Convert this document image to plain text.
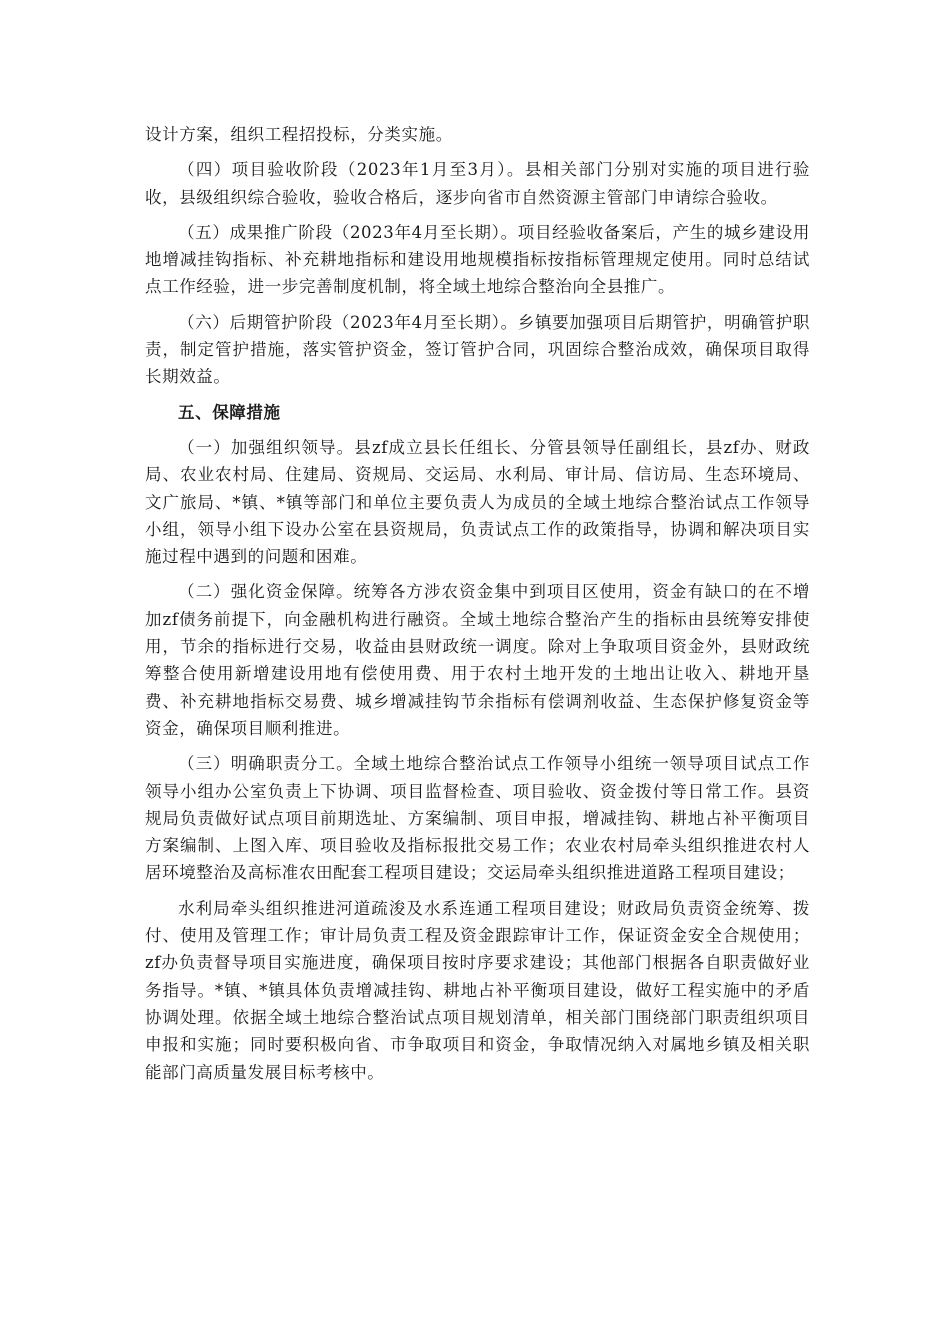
设计方案，组织工程招投标，分类实施。

（四）项目验收阶段（2023年1月至3月）。县相关部门分别对实施的项目进行验收，县级组织综合验收，验收合格后，逐步向省市自然资源主管部门申请综合验收。

（五）成果推广阶段（2023年4月至长期）。项目经验收备案后，产生的城乡建设用地增减挂钩指标、补充耕地指标和建设用地规模指标按指标管理规定使用。同时总结试点工作经验，进一步完善制度机制，将全域土地综合整治向全县推广。

（六）后期管护阶段（2023年4月至长期）。乡镇要加强项目后期管护，明确管护职责，制定管护措施，落实管护资金，签订管护合同，巩固综合整治成效，确保项目取得长期效益。

五、保障措施

（一）加强组织领导。县zf成立县长任组长、分管县领导任副组长，县zf办、财政局、农业农村局、住建局、资规局、交运局、水利局、审计局、信访局、生态环境局、文广旅局、*镇、*镇等部门和单位主要负责人为成员的全域土地综合整治试点工作领导小组，领导小组下设办公室在县资规局，负责试点工作的政策指导，协调和解决项目实施过程中遇到的问题和困难。

（二）强化资金保障。统筹各方涉农资金集中到项目区使用，资金有缺口的在不增加zf债务前提下，向金融机构进行融资。全域土地综合整治产生的指标由县统筹安排使用，节余的指标进行交易，收益由县财政统一调度。除对上争取项目资金外，县财政统筹整合使用新增建设用地有偿使用费、用于农村土地开发的土地出让收入、耕地开垦费、补充耕地指标交易费、城乡增减挂钩节余指标有偿调剂收益、生态保护修复资金等资金，确保项目顺利推进。

（三）明确职责分工。全域土地综合整治试点工作领导小组统一领导项目试点工作领导小组办公室负责上下协调、项目监督检查、项目验收、资金拨付等日常工作。县资规局负责做好试点项目前期选址、方案编制、项目申报，增减挂钩、耕地占补平衡项目方案编制、上图入库、项目验收及指标报批交易工作；农业农村局牵头组织推进农村人居环境整治及高标准农田配套工程项目建设；交运局牵头组织推进道路工程项目建设；

水利局牵头组织推进河道疏浚及水系连通工程项目建设；财政局负责资金统筹、拨付、使用及管理工作；审计局负责工程及资金跟踪审计工作，保证资金安全合规使用；zf办负责督导项目实施进度，确保项目按时序要求建设；其他部门根据各自职责做好业务指导。*镇、*镇具体负责增减挂钩、耕地占补平衡项目建设，做好工程实施中的矛盾协调处理。依据全域土地综合整治试点项目规划清单，相关部门围绕部门职责组织项目申报和实施；同时要积极向省、市争取项目和资金，争取情况纳入对属地乡镇及相关职能部门高质量发展目标考核中。
